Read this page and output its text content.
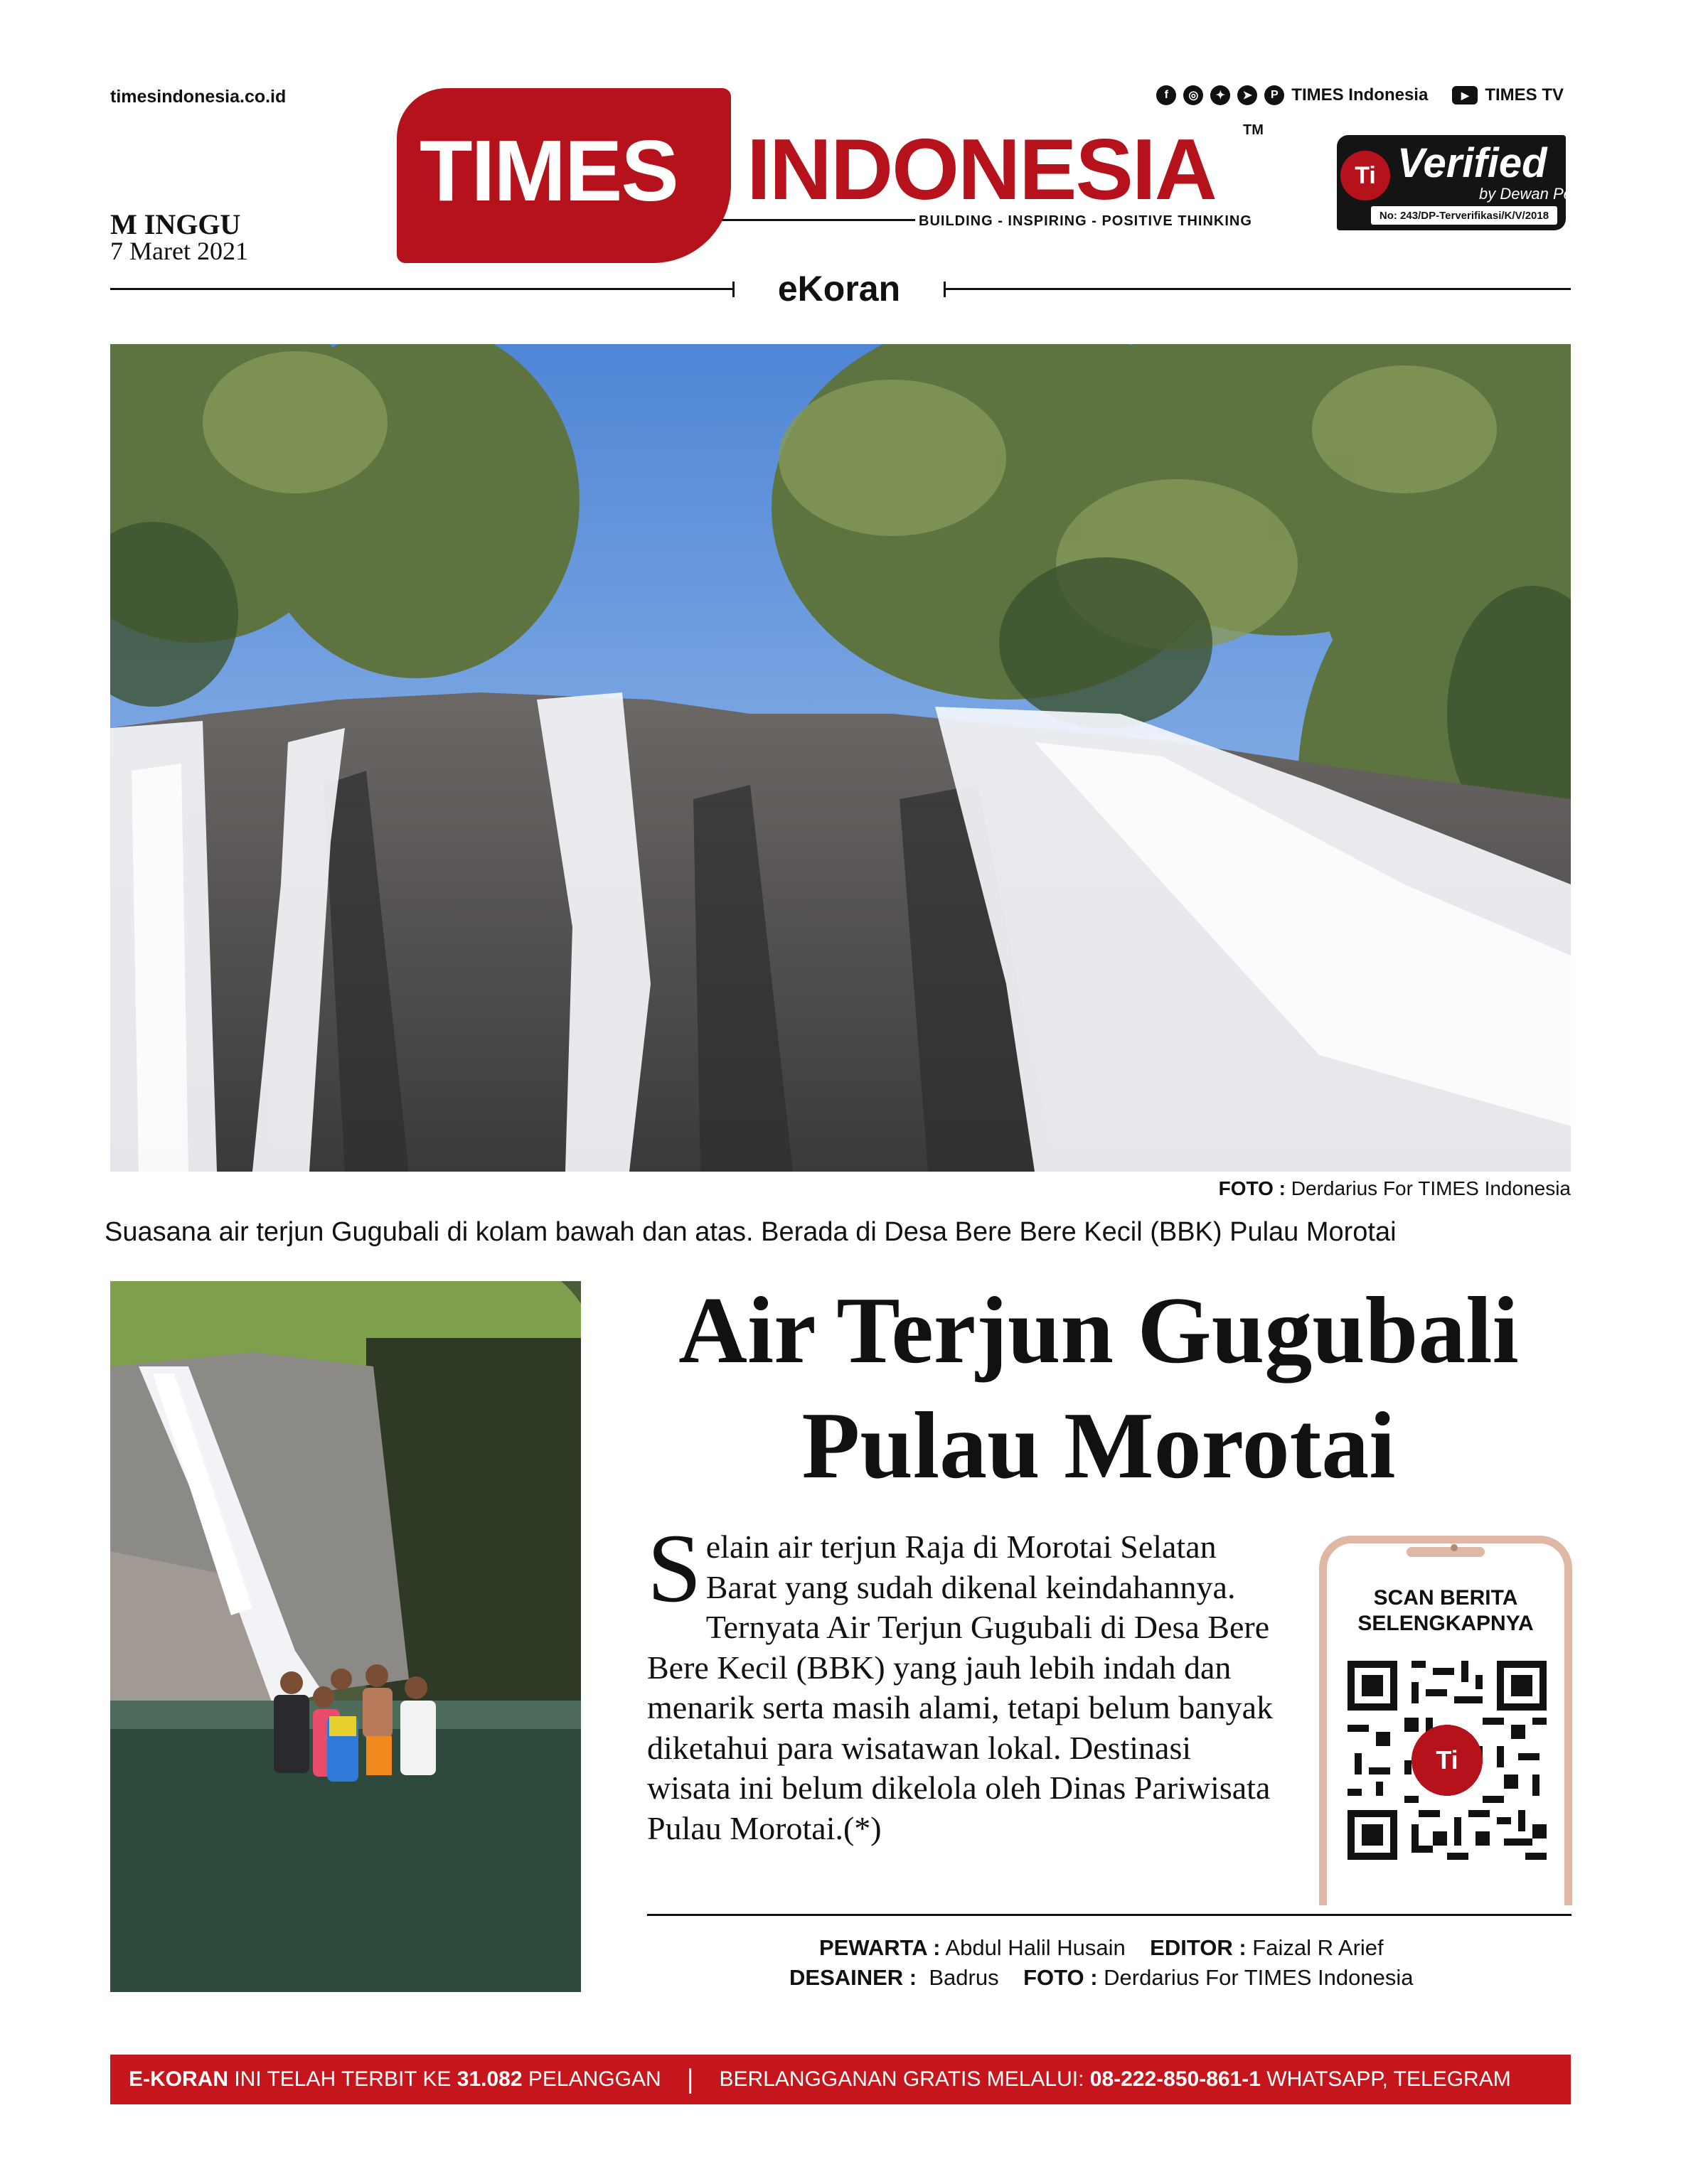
timesindonesia.co.id	f	◎	✦	➤	P TIMES Indonesia	▶ TIMES TV
TIMES INDONESIA TM
BUILDING - INSPIRING - POSITIVE THINKING
M INGGU
7 Maret 2021
Ti Verified
by Dewan Pers
No: 243/DP-Terverifikasi/K/V/2018
eKoran
FOTO : Derdarius For TIMES Indonesia
Suasana air terjun Gugubali di kolam bawah dan atas. Berada di Desa Bere Bere Kecil (BBK) Pulau Morotai
Air Terjun Gugubali
Pulau Morotai
Selain air terjun Raja di Morotai Selatan Barat yang sudah dikenal keindahannya. Ternyata Air Terjun Gugubali di Desa Bere Bere Kecil (BBK) yang jauh lebih indah dan menarik serta masih alami, tetapi belum banyak diketahui para wisatawan lokal. Destinasi wisata ini belum dikelola oleh Dinas Pariwisata Pulau Morotai.(*)
SCAN BERITA
SELENGKAPNYA
Ti
PEWARTA : Abdul Halil Husain EDITOR : Faizal R Arief
DESAINER : Badrus FOTO : Derdarius For TIMES Indonesia
E-KORAN INI TELAH TERBIT KE 31.082 PELANGGAN | BERLANGGANAN GRATIS MELALUI: 08-222-850-861-1 WHATSAPP, TELEGRAM
